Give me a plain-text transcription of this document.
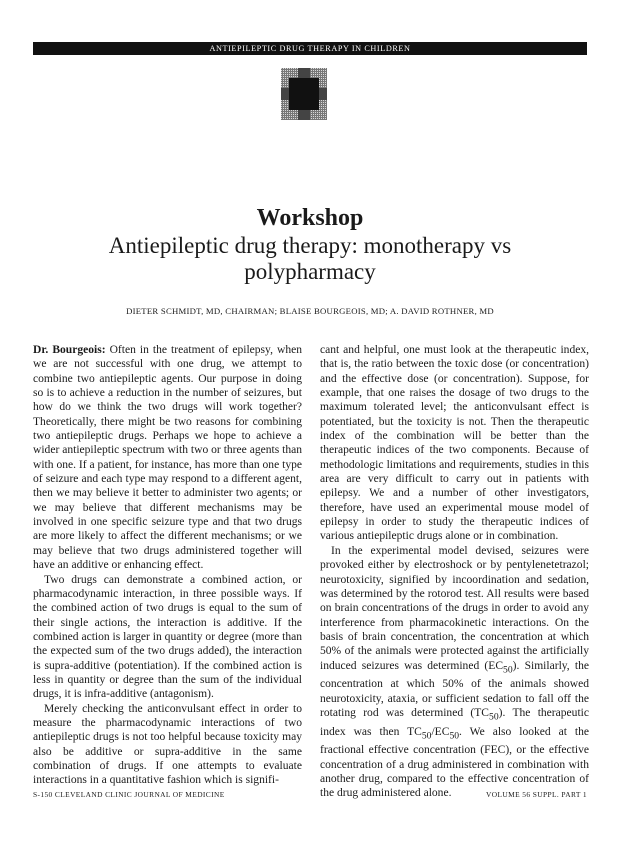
ANTIEPILEPTIC DRUG THERAPY IN CHILDREN
Workshop
Antiepileptic drug therapy: monotherapy vs polypharmacy
DIETER SCHMIDT, MD, CHAIRMAN; BLAISE BOURGEOIS, MD; A. DAVID ROTHNER, MD

Dr. Bourgeois: Often in the treatment of epilepsy, when we are not successful with one drug, we attempt to combine two antiepileptic agents. Our purpose in doing so is to achieve a reduction in the number of seizures, but how do we think the two drugs will work together? Theoretically, there might be two reasons for combining two antiepileptic drugs. Perhaps we hope to achieve a wider antiepileptic spectrum with two or three agents than with one. If a patient, for instance, has more than one type of seizure and each type may respond to a different agent, then we may believe it better to administer two agents; or we may believe that different mechanisms may be involved in one specific seizure type and that two drugs are more likely to affect the different mechanisms; or we may believe that two drugs administered together will have an additive or enhancing effect.

Two drugs can demonstrate a combined action, or pharmacodynamic interaction, in three possible ways. If the combined action of two drugs is equal to the sum of their single actions, the interaction is additive. If the combined action is larger in quantity or degree (more than the expected sum of the two drugs added), the interaction is supra-additive (potentiation). If the combined action is less in quantity or degree than the sum of the individual drugs, it is infra-additive (antagonism).

Merely checking the anticonvulsant effect in order to measure the pharmacodynamic interactions of two antiepileptic drugs is not too helpful because toxicity may also be additive or supra-additive in the same combination of drugs. If one attempts to evaluate interactions in a quantitative fashion which is signifi-

cant and helpful, one must look at the therapeutic index, that is, the ratio between the toxic dose (or concentration) and the effective dose (or concentration). Suppose, for example, that one raises the dosage of two drugs to the maximum tolerated level; the anticonvulsant effect is potentiated, but the toxicity is not. Then the therapeutic index of the combination will be better than the therapeutic indices of the two components. Because of methodologic limitations and requirements, studies in this area are very difficult to carry out in patients with epilepsy. We and a number of other investigators, therefore, have used an experimental mouse model of epilepsy in order to study the therapeutic indices of various antiepileptic drugs alone or in combination.

In the experimental model devised, seizures were provoked either by electroshock or by pentylenetetrazol; neurotoxicity, signified by incoordination and sedation, was determined by the rotorod test. All results were based on brain concentrations of the drugs in order to avoid any interference from pharmacokinetic interactions. On the basis of brain concentration, the concentration at which 50% of the animals were protected against the artificially induced seizures was determined $(EC_{50})$. Similarly, the concentration at which 50% of the animals showed neurotoxicity, ataxia, or sufficient sedation to fall off the rotating rod was determined $(TC_{50})$. The therapeutic index was then $TC_{50}/EC_{50}$. We also looked at the fractional effective concentration (FEC), or the effective concentration of a drug administered in combination with another drug, compared to the effective concentration of the drug administered alone.

S-150 CLEVELAND CLINIC JOURNAL OF MEDICINE	VOLUME 56 SUPPL. PART 1
